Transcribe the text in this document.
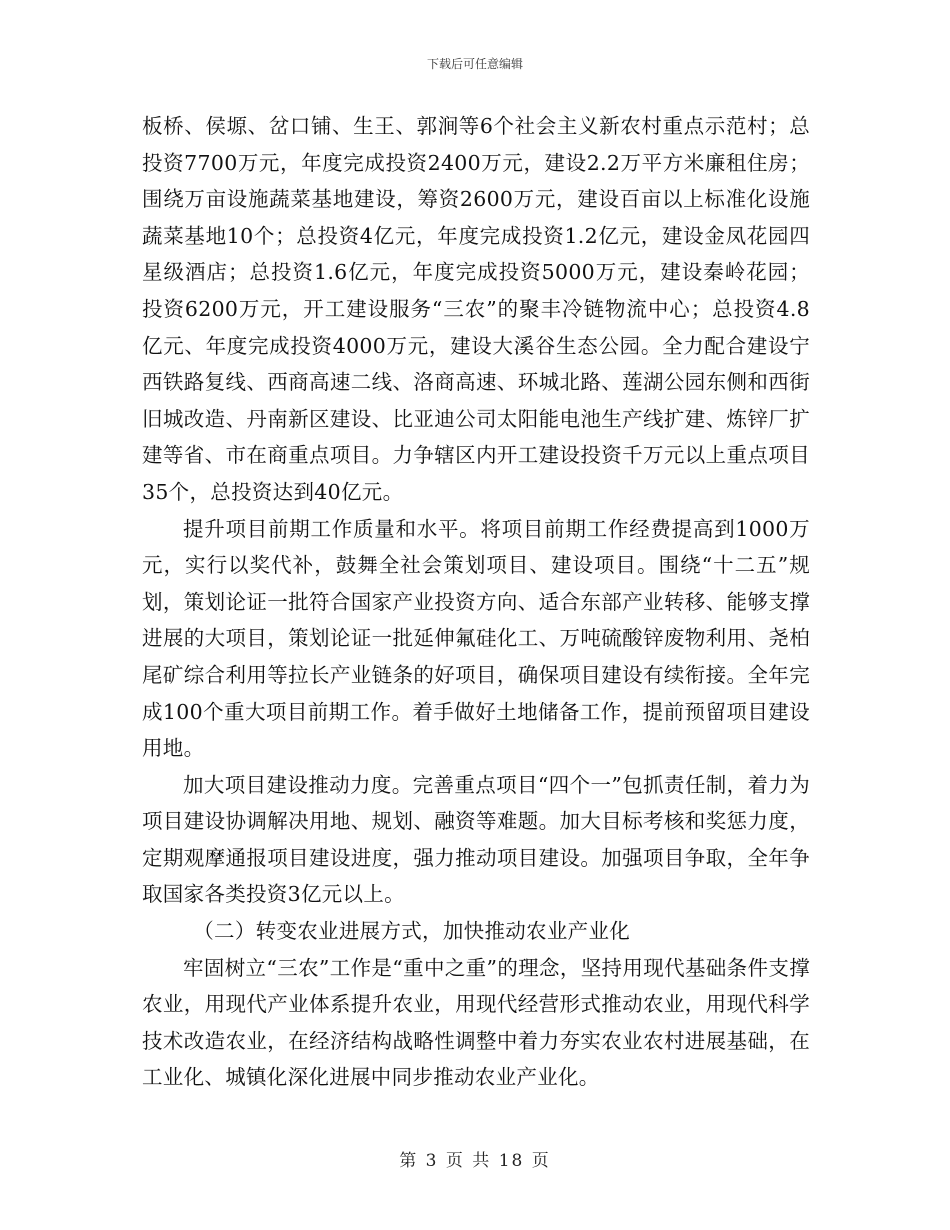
下载后可任意编辑

板桥、侯塬、岔口铺、生王、郭涧等6个社会主义新农村重点示范村；总投资7700万元，年度完成投资2400万元，建设2.2万平方米廉租住房；围绕万亩设施蔬菜基地建设，筹资2600万元，建设百亩以上标准化设施蔬菜基地10个；总投资4亿元，年度完成投资1.2亿元，建设金凤花园四星级酒店；总投资1.6亿元，年度完成投资5000万元，建设秦岭花园；投资6200万元，开工建设服务“三农”的聚丰冷链物流中心；总投资4.8亿元、年度完成投资4000万元，建设大溪谷生态公园。全力配合建设宁西铁路复线、西商高速二线、洛商高速、环城北路、莲湖公园东侧和西街旧城改造、丹南新区建设、比亚迪公司太阳能电池生产线扩建、炼锌厂扩建等省、市在商重点项目。力争辖区内开工建设投资千万元以上重点项目35个，总投资达到40亿元。

提升项目前期工作质量和水平。将项目前期工作经费提高到1000万元，实行以奖代补，鼓舞全社会策划项目、建设项目。围绕“十二五”规划，策划论证一批符合国家产业投资方向、适合东部产业转移、能够支撑进展的大项目，策划论证一批延伸氟硅化工、万吨硫酸锌废物利用、尧柏尾矿综合利用等拉长产业链条的好项目，确保项目建设有续衔接。全年完成100个重大项目前期工作。着手做好土地储备工作，提前预留项目建设用地。

加大项目建设推动力度。完善重点项目“四个一”包抓责任制，着力为项目建设协调解决用地、规划、融资等难题。加大目标考核和奖惩力度，定期观摩通报项目建设进度，强力推动项目建设。加强项目争取，全年争取国家各类投资3亿元以上。

（二）转变农业进展方式，加快推动农业产业化

牢固树立“三农”工作是“重中之重”的理念，坚持用现代基础条件支撑农业，用现代产业体系提升农业，用现代经营形式推动农业，用现代科学技术改造农业，在经济结构战略性调整中着力夯实农业农村进展基础，在工业化、城镇化深化进展中同步推动农业产业化。

第 3 页 共 18 页
